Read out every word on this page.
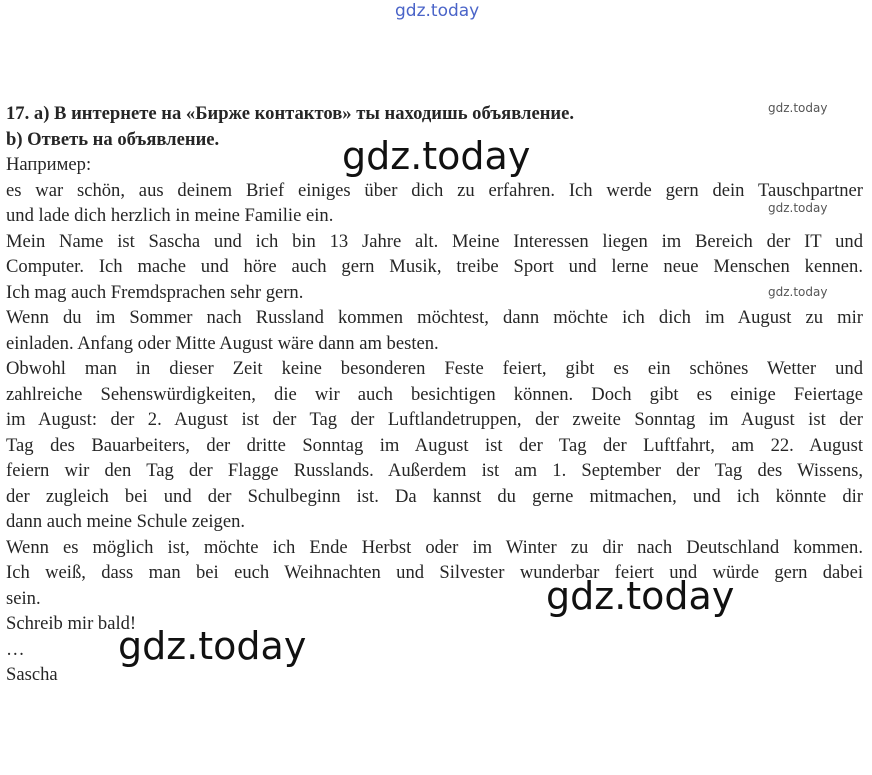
gdz.today
17. a) В интернете на «Бирже контактов» ты находишь объявление.
b) Ответь на объявление.
Например:
es war schön, aus deinem Brief einiges über dich zu erfahren. Ich werde gern dein Tauschpartner
und lade dich herzlich in meine Familie ein.
Mein Name ist Sascha und ich bin 13 Jahre alt. Meine Interessen liegen im Bereich der IT und
Computer. Ich mache und höre auch gern Musik, treibe Sport und lerne neue Menschen kennen.
Ich mag auch Fremdsprachen sehr gern.
Wenn du im Sommer nach Russland kommen möchtest, dann möchte ich dich im August zu mir
einladen. Anfang oder Mitte August wäre dann am besten.
Obwohl man in dieser Zeit keine besonderen Feste feiert, gibt es ein schönes Wetter und
zahlreiche Sehenswürdigkeiten, die wir auch besichtigen können. Doch gibt es einige Feiertage
im August: der 2. August ist der Tag der Luftlandetruppen, der zweite Sonntag im August ist der
Tag des Bauarbeiters, der dritte Sonntag im August ist der Tag der Luftfahrt, am 22. August
feiern wir den Tag der Flagge Russlands. Außerdem ist am 1. September der Tag des Wissens,
der zugleich bei und der Schulbeginn ist. Da kannst du gerne mitmachen, und ich könnte dir
dann auch meine Schule zeigen.
Wenn es möglich ist, möchte ich Ende Herbst oder im Winter zu dir nach Deutschland kommen.
Ich weiß, dass man bei euch Weihnachten und Silvester wunderbar feiert und würde gern dabei
sein.
Schreib mir bald!
…
Sascha
gdz.today
gdz.today
gdz.today
gdz.today
gdz.today
gdz.today
